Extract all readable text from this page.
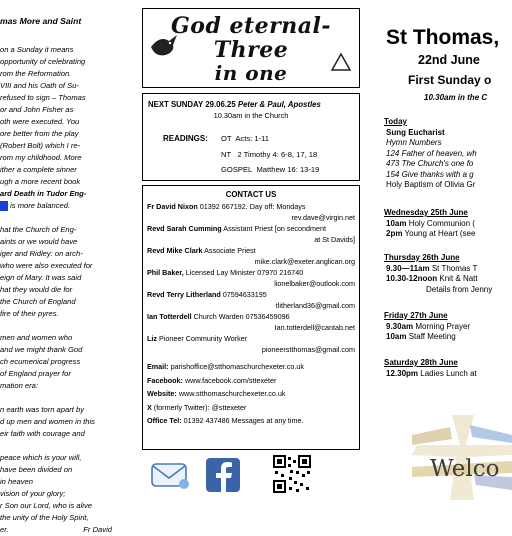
mas More and Saint
on a Sunday it means
opportunity of celebrating
rom the Reformation.
VIII and his Oath of Su-
refused to sign – Thomas
or and John Fisher as
oth were executed. You
ore better from the play
(Robert Bolt) which I re-
rom my childhood. More
ither a complete sinner
ugh a more recent book
ard Death in Tudor Eng-
is more balanced.
hat the Church of Eng-
aints or we would have
iger and Ridley: on arch-
who were also executed for
eign of Mary. It was said
hat they would die for
the Church of England
fire of their pyres.
men and women who
and we might thank God
ch ecumenical progress
of England prayer for
mation era:
n earth was torn apart by
d up men and women in this
eir faith with courage and
peace which is your will,
have been divided on
in heaven
vision of your glory;
r Son our Lord, who is alive
the unity of the Holy Spirit,
er.	Fr David
God eternal-
Three
in one
NEXT SUNDAY 29.06.25 Peter & Paul, Apostles
10.30am in the Church
READINGS: OT Acts: 1-11
NT 2 Timothy 4: 6-8, 17, 18
GOSPEL Matthew 16: 13-19
CONTACT US
Fr David Nixon 01392 667192. Day off: Mondays
rev.dave@virgin.net
Revd Sarah Cumming Assistant Priest [on secondment
at St Davids]
Revd Mike Clark Associate Priest
mike.clark@exeter.anglican.org
Phil Baker, Licensed Lay Minister 07970 216740
lionelbaker@outlook.com
Revd Terry Litherland 07594633195
tlitherland36@gmail.com
Ian Totterdell Church Warden 07536459096
Ian.totterdell@cantab.net
Liz Pioneer Community Worker
pioneerstthomas@gmail.com
Email: parishoffice@stthomaschurchexeter.co.uk
Facebook: www.facebook.com/sttexeter
Website: www.stthomaschurchexeter.co.uk
X (formerly Twitter): @sttexeter
Office Tel: 01392 437486 Messages at any time.
St Thomas,
22nd June
First Sunday o
10.30am in the C
Today
Sung Eucharist
Hymn Numbers
124 Father of heaven, wh
473 The Church's one fo
154 Give thanks with a g
Holy Baptism of Olivia Gr
Wednesday 25th June
10am Holy Communion (
2pm Young at Heart (see
Thursday 26th June
9.30—11am St Thomas T
10.30-12noon Knit & Natt
Details from Jenny
Friday 27th June
9.30am Morning Prayer
10am Staff Meeting
Saturday 28th June
12.30pm Ladies Lunch at
Welco
